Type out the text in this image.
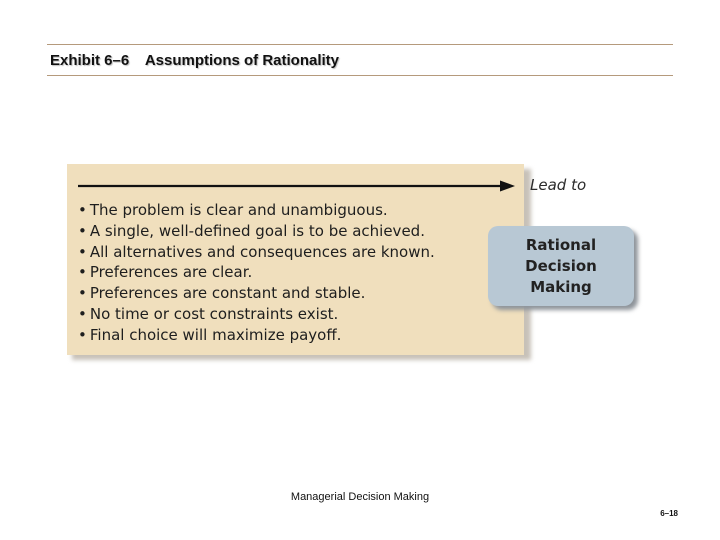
Exhibit 6–6 Assumptions of Rationality
Lead to
• The problem is clear and unambiguous.
• A single, well-defined goal is to be achieved.
• All alternatives and consequences are known.
• Preferences are clear.
• Preferences are constant and stable.
• No time or cost constraints exist.
• Final choice will maximize payoff.
Rational
Decision
Making
Managerial Decision Making
6–18
